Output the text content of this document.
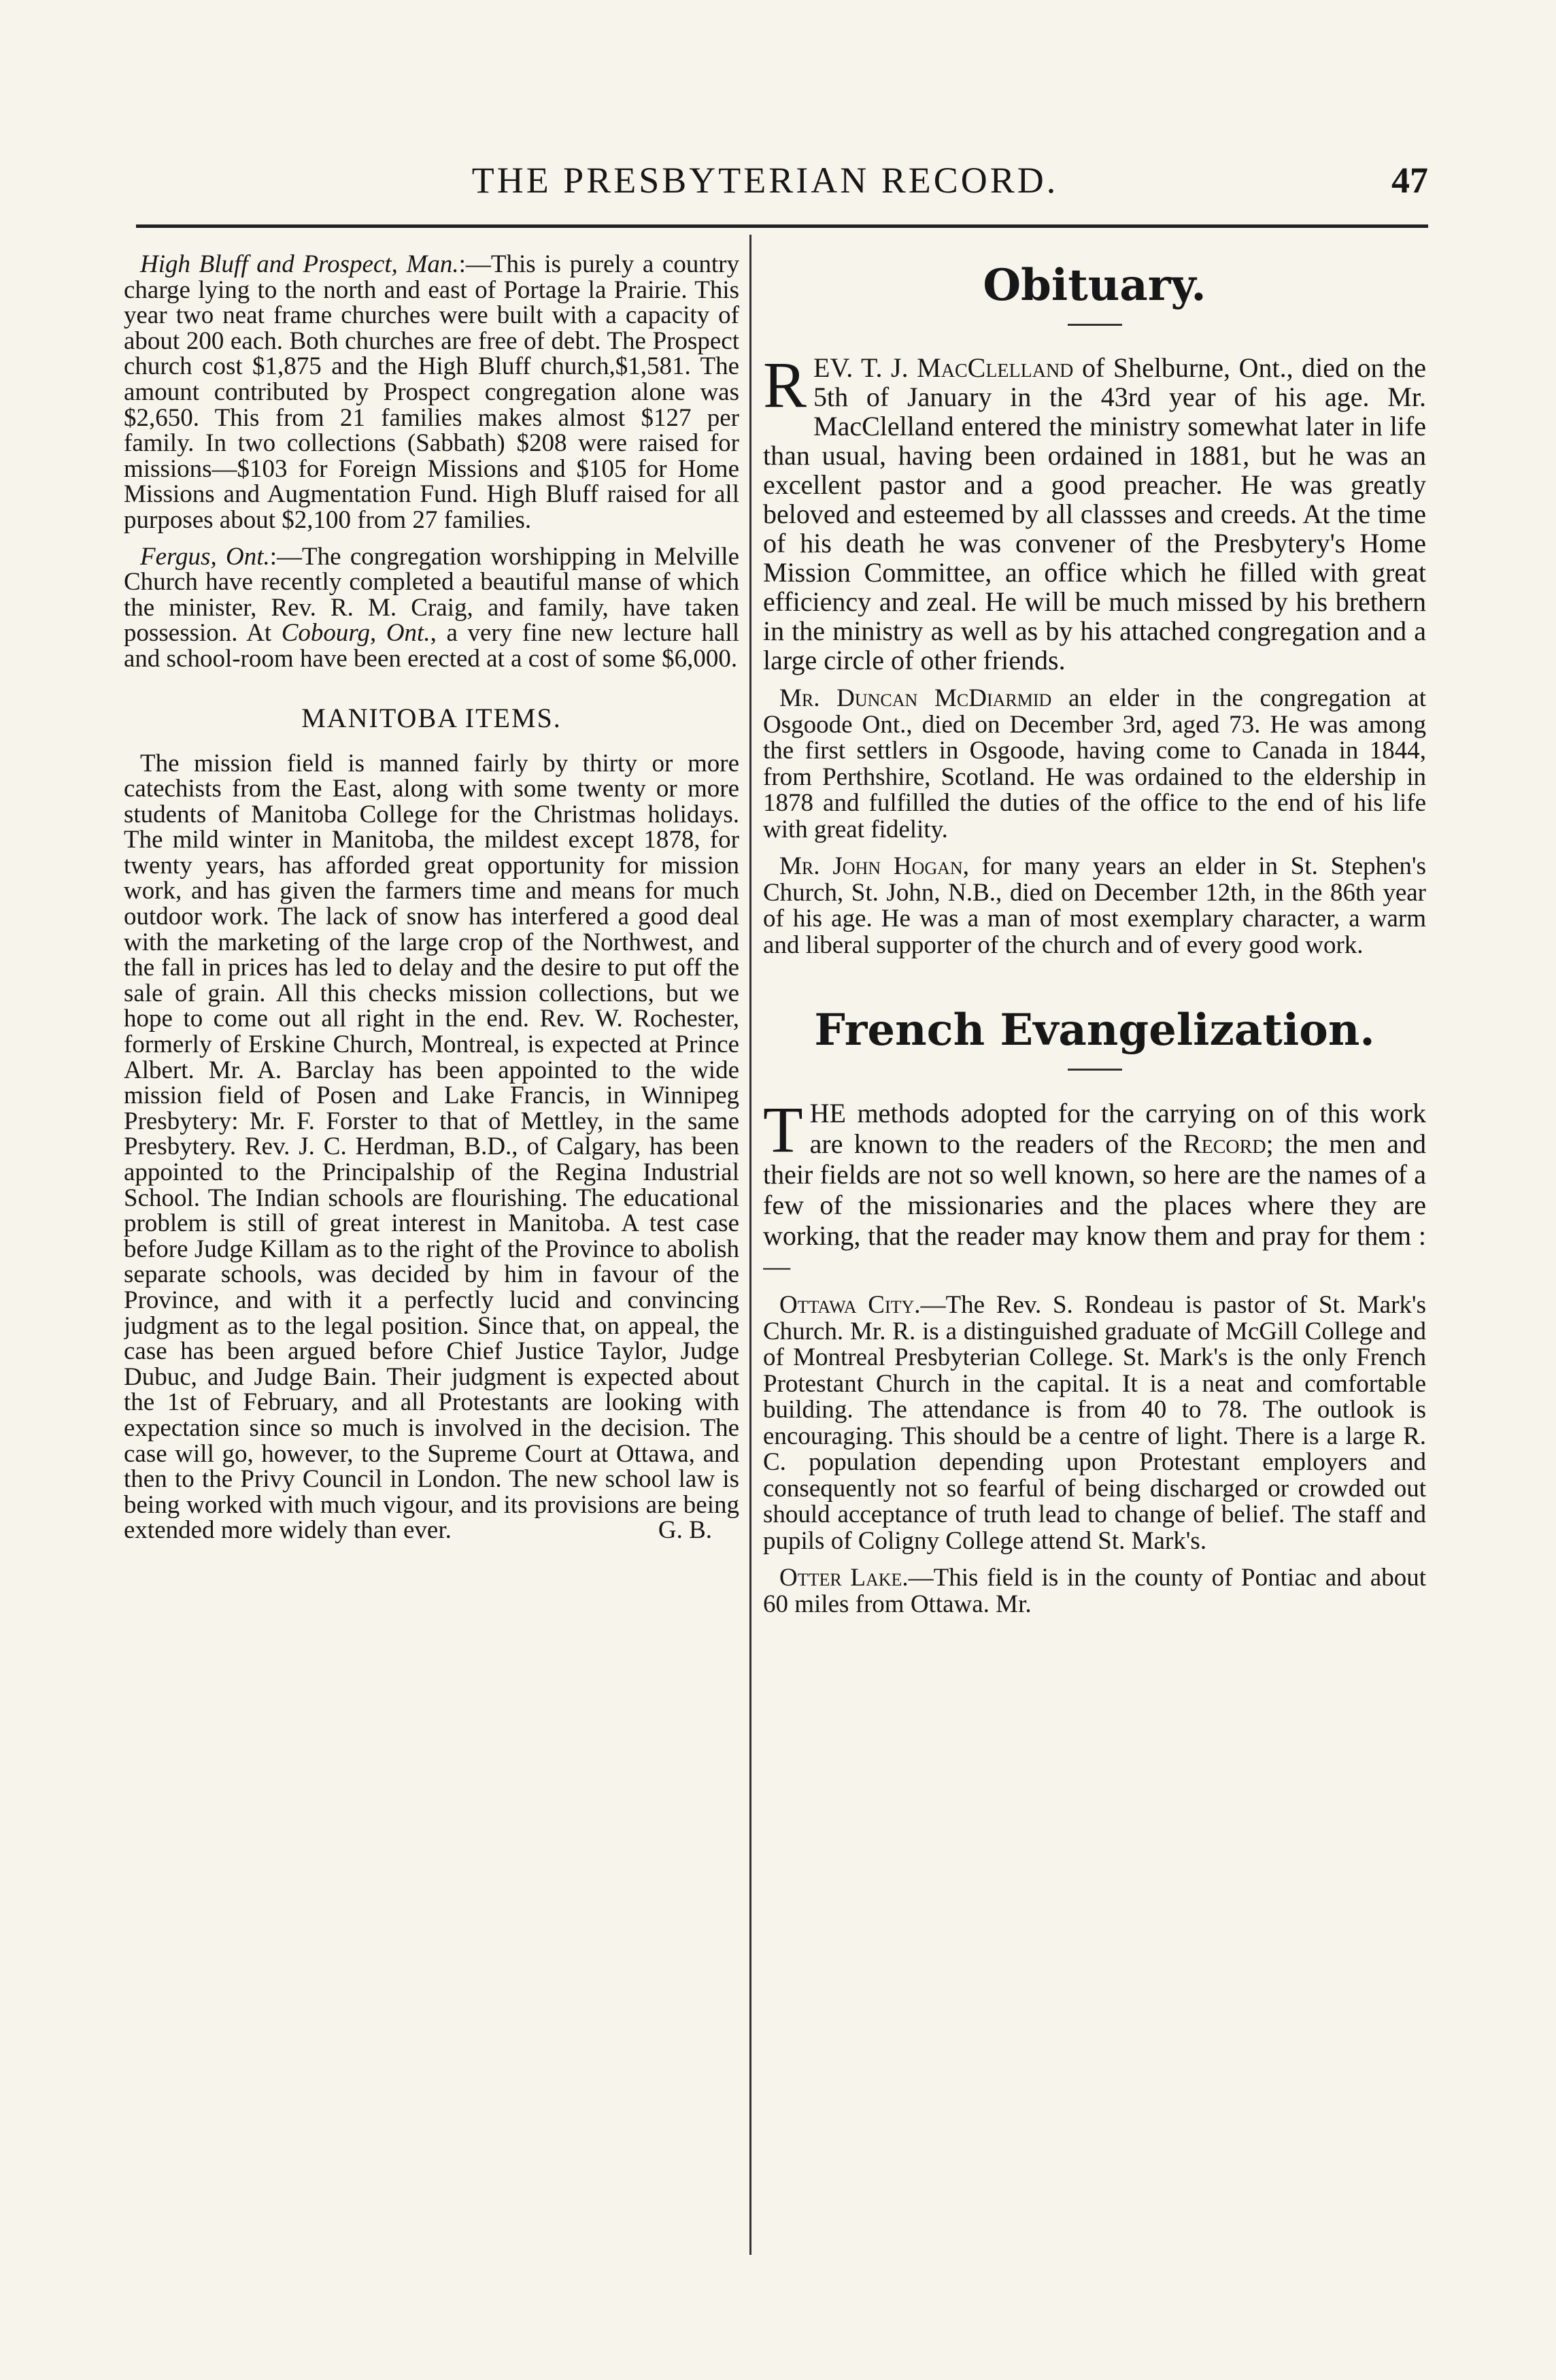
THE PRESBYTERIAN RECORD.	47

High Bluff and Prospect, Man.:—This is purely a country charge lying to the north and east of Portage la Prairie. This year two neat frame churches were built with a capacity of about 200 each. Both churches are free of debt. The Prospect church cost $1,875 and the High Bluff church,$1,581. The amount contributed by Prospect congregation alone was $2,650. This from 21 families makes almost $127 per family. In two collections (Sabbath) $208 were raised for missions—$103 for Foreign Missions and $105 for Home Missions and Augmentation Fund. High Bluff raised for all purposes about $2,100 from 27 families.

Fergus, Ont.:—The congregation worshipping in Melville Church have recently completed a beautiful manse of which the minister, Rev. R. M. Craig, and family, have taken possession. At Cobourg, Ont., a very fine new lecture hall and school-room have been erected at a cost of some $6,000.

MANITOBA ITEMS.

The mission field is manned fairly by thirty or more catechists from the East, along with some twenty or more students of Manitoba College for the Christmas holidays. The mild winter in Manitoba, the mildest except 1878, for twenty years, has afforded great opportunity for mission work, and has given the farmers time and means for much outdoor work. The lack of snow has interfered a good deal with the marketing of the large crop of the Northwest, and the fall in prices has led to delay and the desire to put off the sale of grain. All this checks mission collections, but we hope to come out all right in the end. Rev. W. Rochester, formerly of Erskine Church, Montreal, is expected at Prince Albert. Mr. A. Barclay has been appointed to the wide mission field of Posen and Lake Francis, in Winnipeg Presbytery: Mr. F. Forster to that of Mettley, in the same Presbytery. Rev. J. C. Herdman, B.D., of Calgary, has been appointed to the Principalship of the Regina Industrial School. The Indian schools are flourishing. The educational problem is still of great interest in Manitoba. A test case before Judge Killam as to the right of the Province to abolish separate schools, was decided by him in favour of the Province, and with it a perfectly lucid and convincing judgment as to the legal position. Since that, on appeal, the case has been argued before Chief Justice Taylor, Judge Dubuc, and Judge Bain. Their judgment is expected about the 1st of February, and all Protestants are looking with expectation since so much is involved in the decision. The case will go, however, to the Supreme Court at Ottawa, and then to the Privy Council in London. The new school law is being worked with much vigour, and its provisions are being extended more widely than ever.	G. B.

Obituary.

REV. T. J. MacClelland of Shelburne, Ont., died on the 5th of January in the 43rd year of his age. Mr. MacClelland entered the ministry somewhat later in life than usual, having been ordained in 1881, but he was an excellent pastor and a good preacher. He was greatly beloved and esteemed by all classses and creeds. At the time of his death he was convener of the Presbytery's Home Mission Committee, an office which he filled with great efficiency and zeal. He will be much missed by his brethern in the ministry as well as by his attached congregation and a large circle of other friends.

Mr. Duncan McDiarmid an elder in the congregation at Osgoode Ont., died on December 3rd, aged 73. He was among the first settlers in Osgoode, having come to Canada in 1844, from Perthshire, Scotland. He was ordained to the eldership in 1878 and fulfilled the duties of the office to the end of his life with great fidelity.

Mr. John Hogan, for many years an elder in St. Stephen's Church, St. John, N.B., died on December 12th, in the 86th year of his age. He was a man of most exemplary character, a warm and liberal supporter of the church and of every good work.

French Evangelization.

THE methods adopted for the carrying on of this work are known to the readers of the Record; the men and their fields are not so well known, so here are the names of a few of the missionaries and the places where they are working, that the reader may know them and pray for them :—

Ottawa City.—The Rev. S. Rondeau is pastor of St. Mark's Church. Mr. R. is a distinguished graduate of McGill College and of Montreal Presbyterian College. St. Mark's is the only French Protestant Church in the capital. It is a neat and comfortable building. The attendance is from 40 to 78. The outlook is encouraging. This should be a centre of light. There is a large R. C. population depending upon Protestant employers and consequently not so fearful of being discharged or crowded out should acceptance of truth lead to change of belief. The staff and pupils of Coligny College attend St. Mark's.

Otter Lake.—This field is in the county of Pontiac and about 60 miles from Ottawa. Mr.
